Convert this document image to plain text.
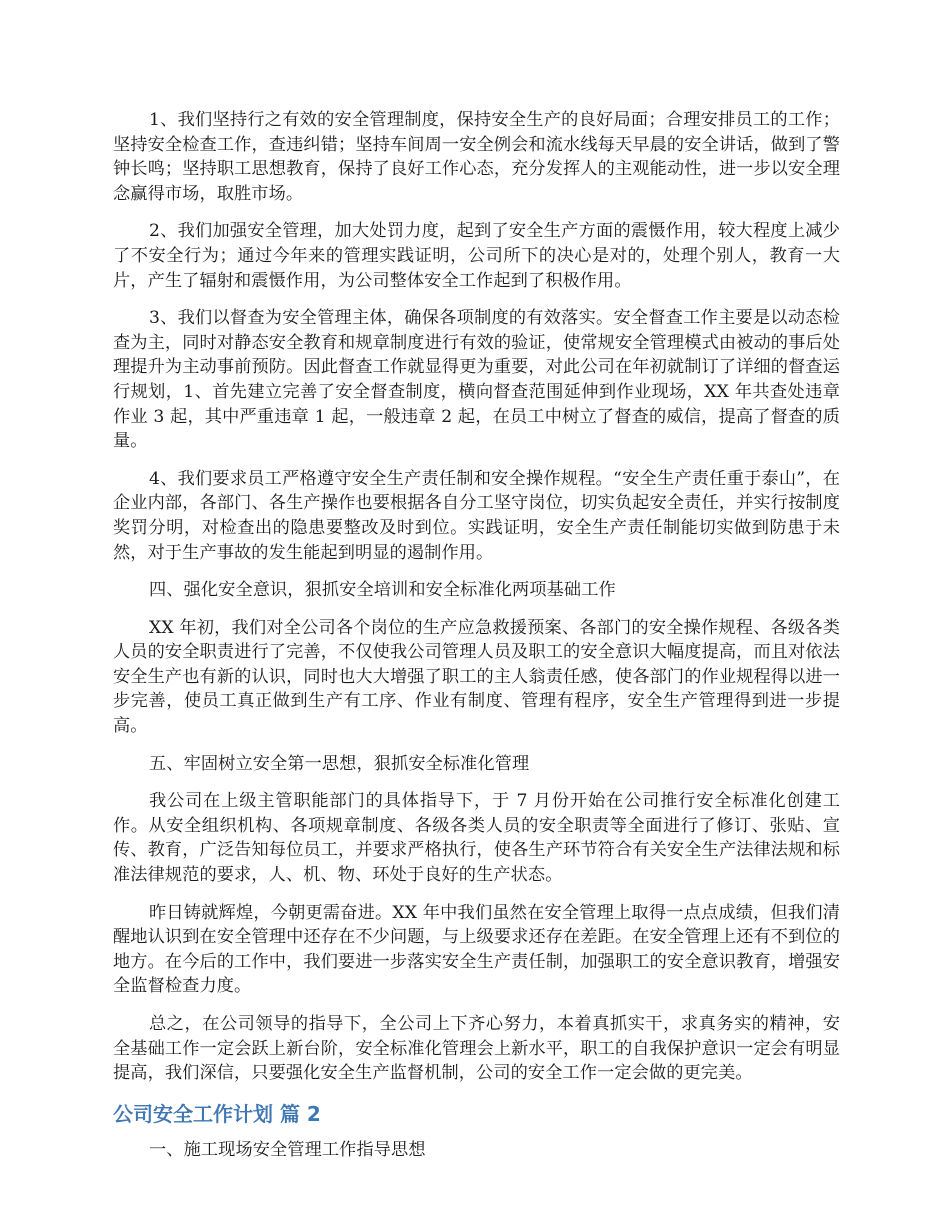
1、我们坚持行之有效的安全管理制度，保持安全生产的良好局面；合理安排员工的工作；坚持安全检查工作，查违纠错；坚持车间周一安全例会和流水线每天早晨的安全讲话，做到了警钟长鸣；坚持职工思想教育，保持了良好工作心态，充分发挥人的主观能动性，进一步以安全理念赢得市场，取胜市场。

2、我们加强安全管理，加大处罚力度，起到了安全生产方面的震慑作用，较大程度上减少了不安全行为；通过今年来的管理实践证明，公司所下的决心是对的，处理个别人，教育一大片，产生了辐射和震慑作用，为公司整体安全工作起到了积极作用。

3、我们以督查为安全管理主体，确保各项制度的有效落实。安全督查工作主要是以动态检查为主，同时对静态安全教育和规章制度进行有效的验证，使常规安全管理模式由被动的事后处理提升为主动事前预防。因此督查工作就显得更为重要，对此公司在年初就制订了详细的督查运行规划，1、首先建立完善了安全督查制度，横向督查范围延伸到作业现场，XX 年共查处违章作业 3 起，其中严重违章 1 起，一般违章 2 起，在员工中树立了督查的威信，提高了督查的质量。

4、我们要求员工严格遵守安全生产责任制和安全操作规程。“安全生产责任重于泰山”，在企业内部，各部门、各生产操作也要根据各自分工坚守岗位，切实负起安全责任，并实行按制度奖罚分明，对检查出的隐患要整改及时到位。实践证明，安全生产责任制能切实做到防患于未然，对于生产事故的发生能起到明显的遏制作用。

四、强化安全意识，狠抓安全培训和安全标准化两项基础工作

XX 年初，我们对全公司各个岗位的生产应急救援预案、各部门的安全操作规程、各级各类人员的安全职责进行了完善，不仅使我公司管理人员及职工的安全意识大幅度提高，而且对依法安全生产也有新的认识，同时也大大增强了职工的主人翁责任感，使各部门的作业规程得以进一步完善，使员工真正做到生产有工序、作业有制度、管理有程序，安全生产管理得到进一步提高。

五、牢固树立安全第一思想，狠抓安全标准化管理

我公司在上级主管职能部门的具体指导下，于 7 月份开始在公司推行安全标准化创建工作。从安全组织机构、各项规章制度、各级各类人员的安全职责等全面进行了修订、张贴、宣传、教育，广泛告知每位员工，并要求严格执行，使各生产环节符合有关安全生产法律法规和标准法律规范的要求，人、机、物、环处于良好的生产状态。

昨日铸就辉煌，今朝更需奋进。XX 年中我们虽然在安全管理上取得一点点成绩，但我们清醒地认识到在安全管理中还存在不少问题，与上级要求还存在差距。在安全管理上还有不到位的地方。在今后的工作中，我们要进一步落实安全生产责任制，加强职工的安全意识教育，增强安全监督检查力度。

总之，在公司领导的指导下，全公司上下齐心努力，本着真抓实干，求真务实的精神，安全基础工作一定会跃上新台阶，安全标准化管理会上新水平，职工的自我保护意识一定会有明显提高，我们深信，只要强化安全生产监督机制，公司的安全工作一定会做的更完美。

公司安全工作计划 篇 2

一、施工现场安全管理工作指导思想
